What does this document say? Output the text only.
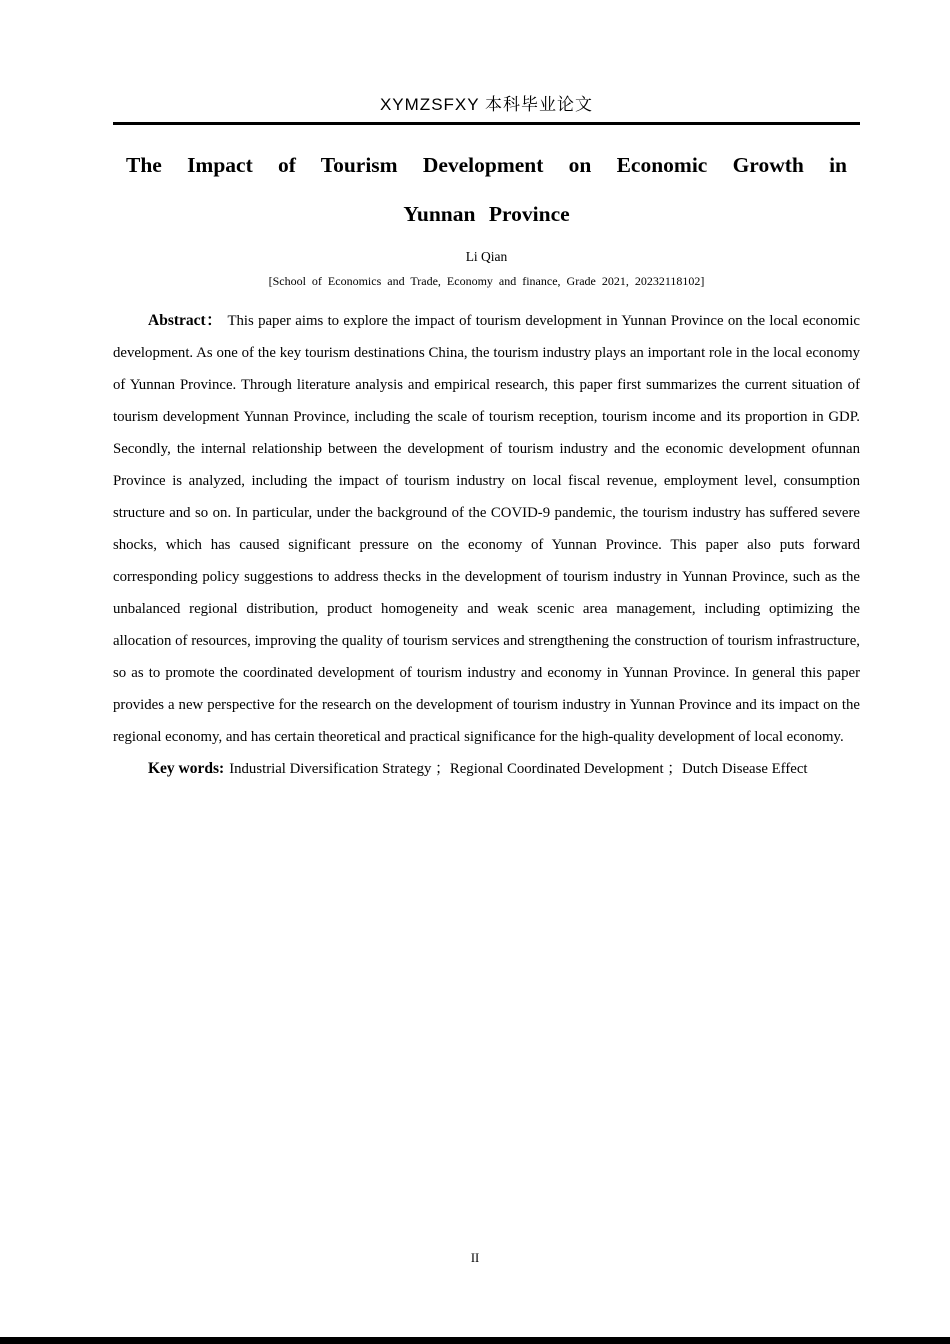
XYMZSFXY 本科毕业论文
The Impact of Tourism Development on Economic Growth in
Yunnan Province
Li Qian
[School of Economics and Trade, Economy and finance, Grade 2021, 20232118102]

Abstract： This paper aims to explore the impact of tourism development in Yunnan Province on the local economic development. As one of the key tourism destinations China, the tourism industry plays an important role in the local economy of Yunnan Province. Through literature analysis and empirical research, this paper first summarizes the current situation of tourism development Yunnan Province, including the scale of tourism reception, tourism income and its proportion in GDP. Secondly, the internal relationship between the development of tourism industry and the economic development ofunnan Province is analyzed, including the impact of tourism industry on local fiscal revenue, employment level, consumption structure and so on. In particular, under the background of the COVID-9 pandemic, the tourism industry has suffered severe shocks, which has caused significant pressure on the economy of Yunnan Province. This paper also puts forward corresponding policy suggestions to address thecks in the development of tourism industry in Yunnan Province, such as the unbalanced regional distribution, product homogeneity and weak scenic area management, including optimizing the allocation of resources, improving the quality of tourism services and strengthening the construction of tourism infrastructure, so as to promote the coordinated development of tourism industry and economy in Yunnan Province. In general this paper provides a new perspective for the research on the development of tourism industry in Yunnan Province and its impact on the regional economy, and has certain theoretical and practical significance for the high-quality development of local economy.

Key words: Industrial Diversification Strategy ；Regional Coordinated Development ；Dutch Disease Effect

II
